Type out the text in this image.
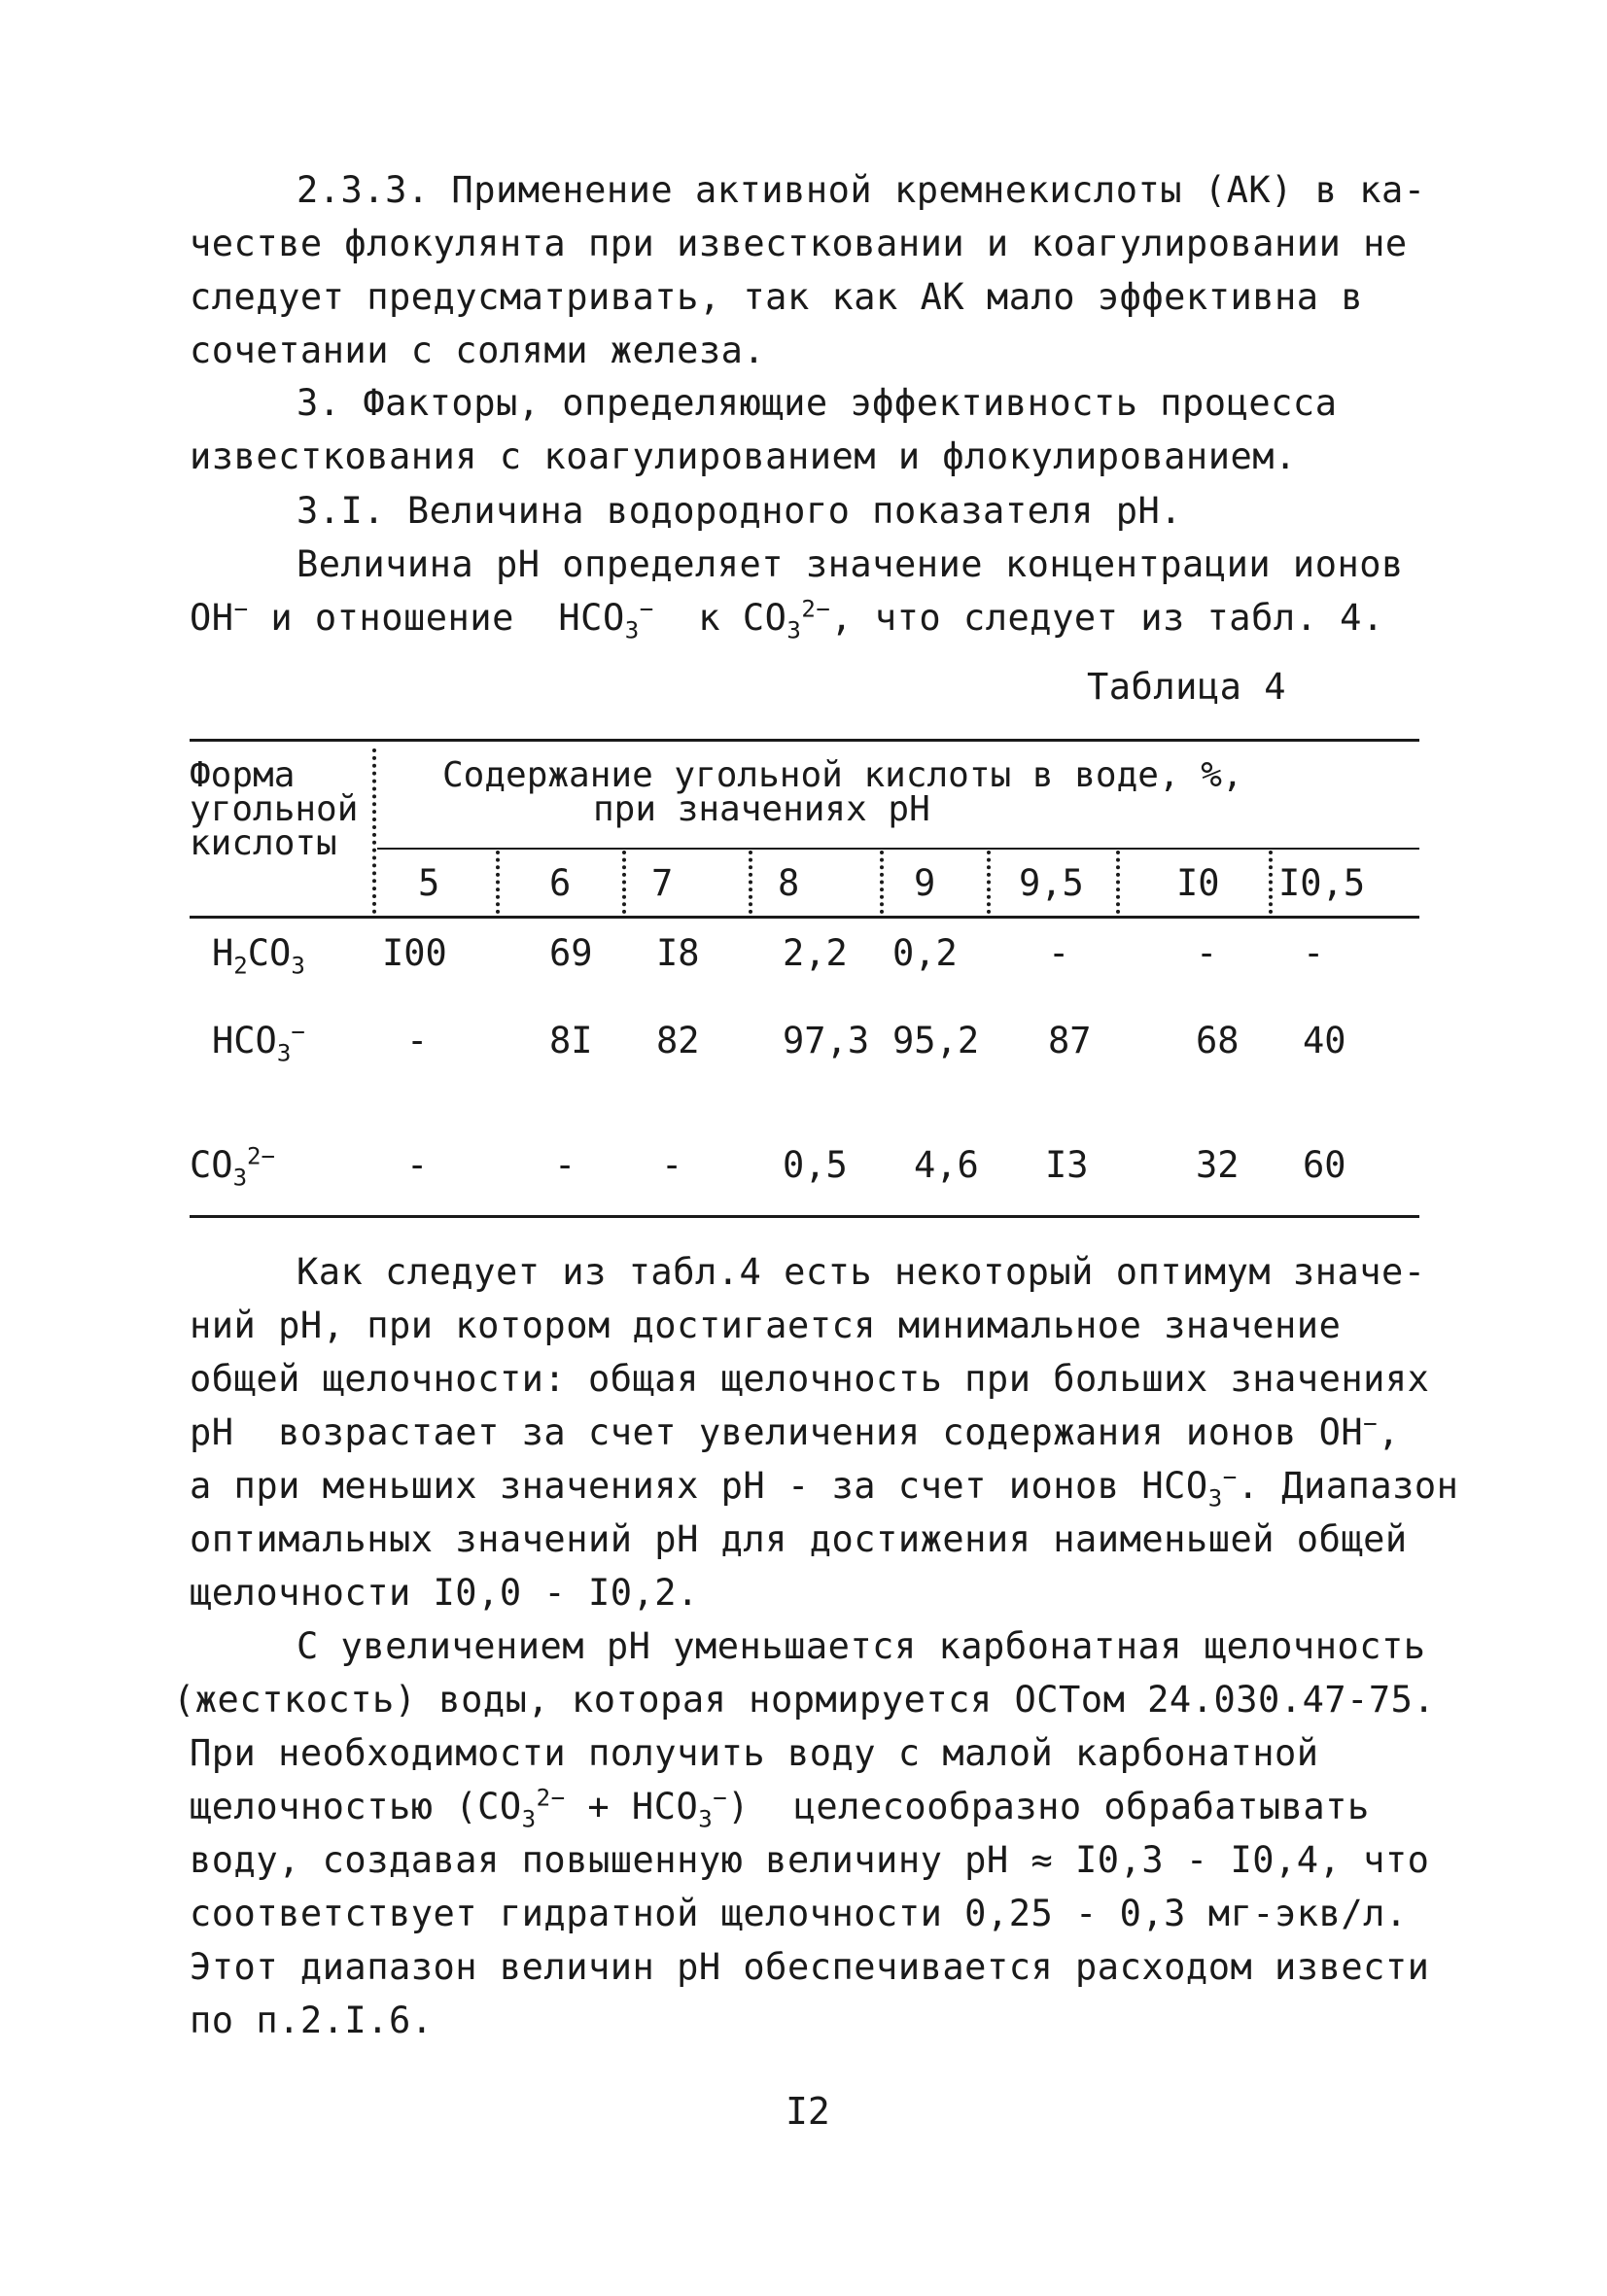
2.3.3. Применение активной кремнекислоты (АК) в ка-
честве флокулянта при известковании и коагулировании не
следует предусматривать, так как АК мало эффективна в
сочетании с солями железа.
3. Факторы, определяющие эффективность процесса
известкования с коагулированием и флокулированием.
3.I. Величина водородного показателя pH.
Величина pH определяет значение концентрации ионов
OH− и отношение  $HCO_3^-$  к $CO_3^{2-}$, что следует из табл. 4.
Таблица 4
Форма
угольной
кислоты
Содержание угольной кислоты в воде, %,
при значениях pH
5	6 7	8	9 9,5	I0 I0,5
$H_2CO_3$ I00	69 I8 2,2 0,2	-	- -
$HCO_3^-$	-	8I 82 97,3 95,2 87	68 40
$CO_3^{2-}$	-	- -	0,5 4,6 I3	32 60
Как следует из табл.4 есть некоторый оптимум значе-
ний pH, при котором достигается минимальное значение
общей щелочности: общая щелочность при больших значениях
pH  возрастает за счет увеличения содержания ионов OH−,
а при меньших значениях pH - за счет ионов $HCO_3^-$. Диапазон
оптимальных значений pH для достижения наименьшей общей
щелочности I0,0 - I0,2.
С увеличением pH уменьшается карбонатная щелочность
(жесткость) воды, которая нормируется ОСТом 24.030.47-75.
При необходимости получить воду с малой карбонатной
щелочностью $(CO_3^{2-} + HCO_3^-)$  целесообразно обрабатывать
воду, создавая повышенную величину pH ≈ I0,3 - I0,4, что
соответствует гидратной щелочности 0,25 - 0,3 мг-экв/л.
Этот диапазон величин pH обеспечивается расходом извести
по п.2.I.6.
I2
